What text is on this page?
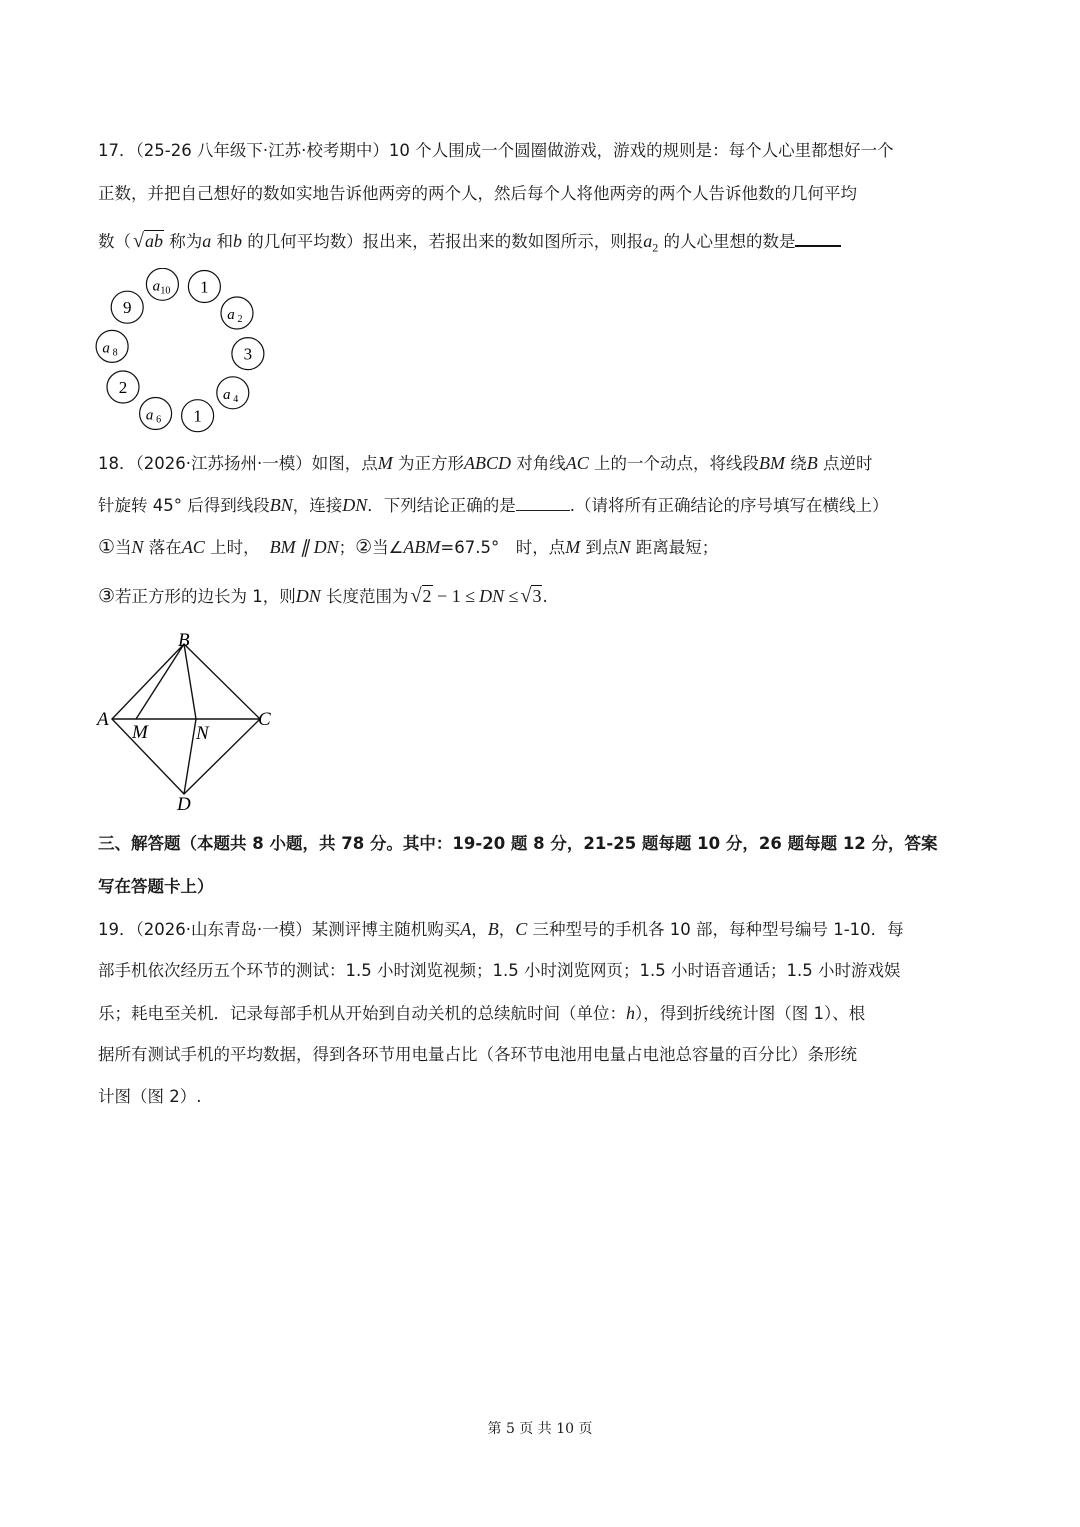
17．（25-26 八年级下·江苏·校考期中）10 个人围成一个圆圈做游戏，游戏的规则是：每个人心里都想好一个
正数，并把自己想好的数如实地告诉他两旁的两个人，然后每个人将他两旁的两个人告诉他数的几何平均
数（ √ab 称为a 和b 的几何平均数）报出来，若报出来的数如图所示，则报$a_2$ 的人心里想的数是
a 10 1
a 2
3
a 4
1
a 6
2
a 8
9
18．（2026·江苏扬州·一模）如图，点M 为正方形ABCD 对角线AC 上的一个动点，将线段BM 绕B 点逆时
针旋转 45° 后得到线段BN，连接DN．下列结论正确的是	.（请将所有正确结论的序号填写在横线上）
①当N 落在AC 上时， BM ∥ DN；②当∠ABM=67.5°　时，点M 到点N 距离最短；
③若正方形的边长为 1，则DN 长度范围为 √2 − 1 ≤ DN ≤ √3.
B
A	C
D
M	N
三、解答题（本题共 8 小题，共 78 分。其中：19-20 题 8 分，21-25 题每题 10 分，26 题每题 12 分，答案
写在答题卡上）
19．（2026·山东青岛·一模）某测评博主随机购买A，B，C 三种型号的手机各 10 部，每种型号编号 1-10．每
部手机依次经历五个环节的测试：1.5 小时浏览视频；1.5 小时浏览网页；1.5 小时语音通话；1.5 小时游戏娱
乐；耗电至关机．记录每部手机从开始到自动关机的总续航时间（单位：h），得到折线统计图（图 1）、根
据所有测试手机的平均数据，得到各环节用电量占比（各环节电池用电量占电池总容量的百分比）条形统
计图（图 2）.
第 5 页 共 10 页
